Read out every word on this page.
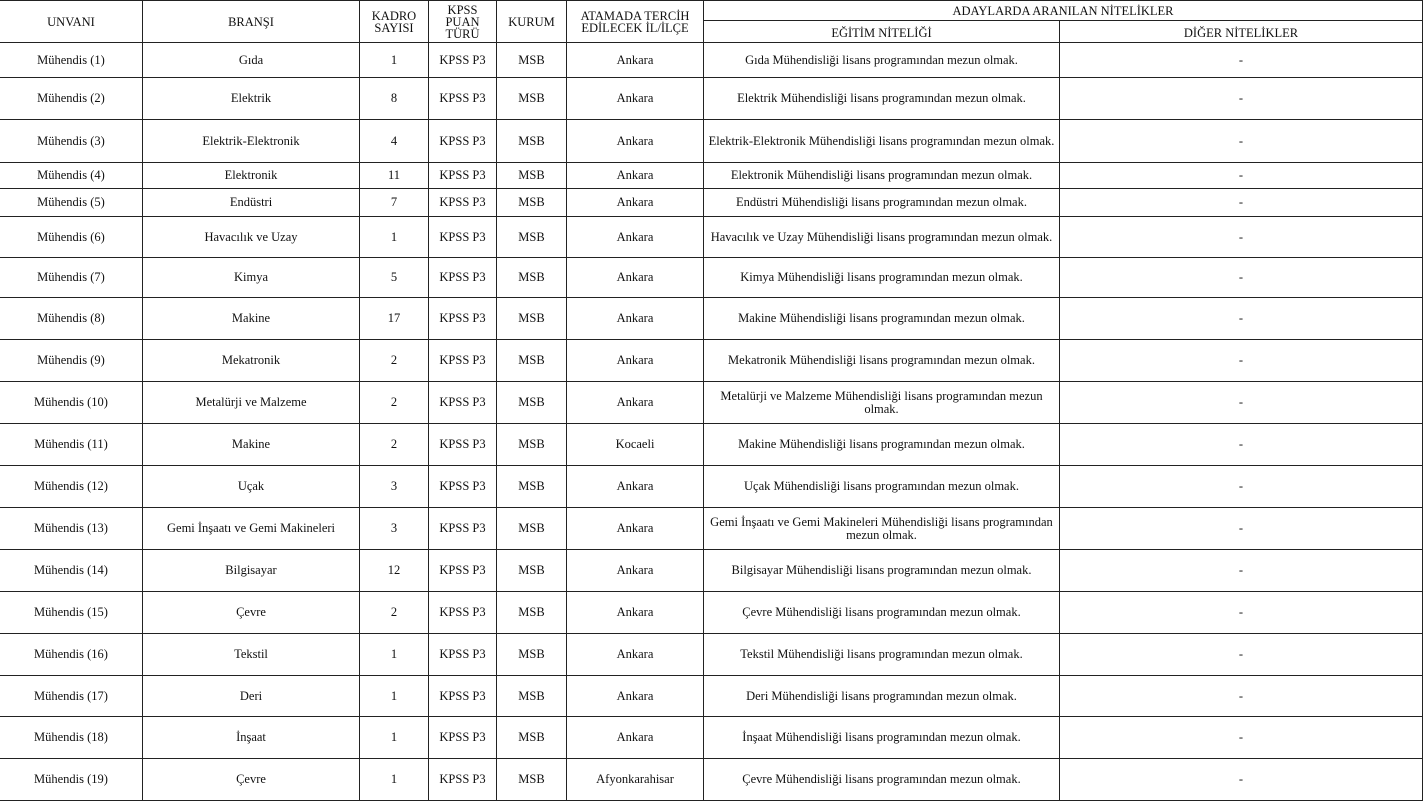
UNVANI	BRANŞI	KADRO SAYISI	KPSS PUAN TÜRÜ	KURUM	ATAMADA TERCİH EDİLECEK İL/İLÇE	ADAYLARDA ARANILAN NİTELİKLER	
						EĞİTİM NİTELİĞİ	DİĞER NİTELİKLER
Mühendis (1)	Gıda	1	KPSS P3	MSB	Ankara	Gıda Mühendisliği lisans programından mezun olmak.	-
Mühendis (2)	Elektrik	8	KPSS P3	MSB	Ankara	Elektrik Mühendisliği lisans programından mezun olmak.	-
Mühendis (3)	Elektrik-Elektronik	4	KPSS P3	MSB	Ankara	Elektrik-Elektronik Mühendisliği lisans programından mezun olmak.	-
Mühendis (4)	Elektronik	11	KPSS P3	MSB	Ankara	Elektronik Mühendisliği lisans programından mezun olmak.	-
Mühendis (5)	Endüstri	7	KPSS P3	MSB	Ankara	Endüstri Mühendisliği lisans programından mezun olmak.	-
Mühendis (6)	Havacılık ve Uzay	1	KPSS P3	MSB	Ankara	Havacılık ve Uzay Mühendisliği lisans programından mezun olmak.	-
Mühendis (7)	Kimya	5	KPSS P3	MSB	Ankara	Kimya Mühendisliği lisans programından mezun olmak.	-
Mühendis (8)	Makine	17	KPSS P3	MSB	Ankara	Makine Mühendisliği lisans programından mezun olmak.	-
Mühendis (9)	Mekatronik	2	KPSS P3	MSB	Ankara	Mekatronik Mühendisliği lisans programından mezun olmak.	-
Mühendis (10)	Metalürji ve Malzeme	2	KPSS P3	MSB	Ankara	Metalürji ve Malzeme Mühendisliği lisans programından mezun olmak.	-
Mühendis (11)	Makine	2	KPSS P3	MSB	Kocaeli	Makine Mühendisliği lisans programından mezun olmak.	-
Mühendis (12)	Uçak	3	KPSS P3	MSB	Ankara	Uçak Mühendisliği lisans programından mezun olmak.	-
Mühendis (13)	Gemi İnşaatı ve Gemi Makineleri	3	KPSS P3	MSB	Ankara	Gemi İnşaatı ve Gemi Makineleri Mühendisliği lisans programından mezun olmak.	-
Mühendis (14)	Bilgisayar	12	KPSS P3	MSB	Ankara	Bilgisayar Mühendisliği lisans programından mezun olmak.	-
Mühendis (15)	Çevre	2	KPSS P3	MSB	Ankara	Çevre Mühendisliği lisans programından mezun olmak.	-
Mühendis (16)	Tekstil	1	KPSS P3	MSB	Ankara	Tekstil Mühendisliği lisans programından mezun olmak.	-
Mühendis (17)	Deri	1	KPSS P3	MSB	Ankara	Deri Mühendisliği lisans programından mezun olmak.	-
Mühendis (18)	İnşaat	1	KPSS P3	MSB	Ankara	İnşaat Mühendisliği lisans programından mezun olmak.	-
Mühendis (19)	Çevre	1	KPSS P3	MSB	Afyonkarahisar	Çevre Mühendisliği lisans programından mezun olmak.	-
